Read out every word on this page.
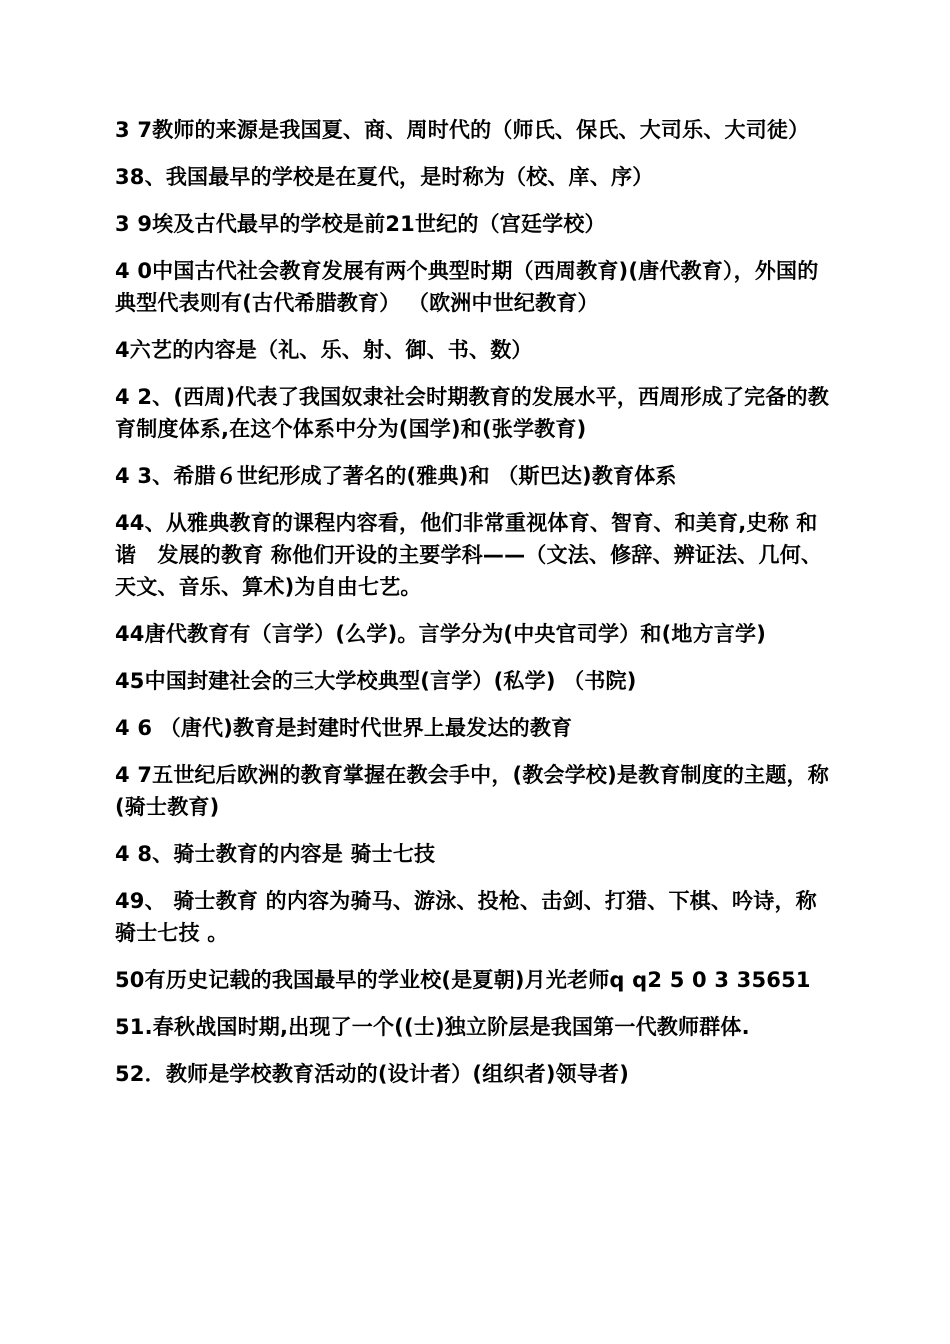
3 7教师的来源是我国夏、商、周时代的（师氏、保氏、大司乐、大司徒）

38、我国最早的学校是在夏代，是时称为（校、庠、序）

3 9埃及古代最早的学校是前21世纪的（宫廷学校）

4 0中国古代社会教育发展有两个典型时期（西周教育)(唐代教育），外国的典型代表则有(古代希腊教育） （欧洲中世纪教育）

4六艺的内容是（礼、乐、射、御、书、数）

4 2、(西周)代表了我国奴隶社会时期教育的发展水平，西周形成了完备的教育制度体系,在这个体系中分为(国学)和(张学教育)

4 3、希腊６世纪形成了著名的(雅典)和 （斯巴达)教育体系

44、从雅典教育的课程内容看，他们非常重视体育、智育、和美育,史称 和谐　发展的教育 称他们开设的主要学科——（文法、修辞、辨证法、几何、天文、音乐、算术)为自由七艺。

44唐代教育有（言学）(么学)。言学分为(中央官司学）和(地方言学)

45中国封建社会的三大学校典型(言学）(私学) （书院)

4 6 （唐代)教育是封建时代世界上最发达的教育

4 7五世纪后欧洲的教育掌握在教会手中，(教会学校)是教育制度的主题，称(骑士教育)

4 8、骑士教育的内容是 骑士七技

49、 骑士教育 的内容为骑马、游泳、投枪、击剑、打猎、下棋、吟诗，称 骑士七技 。

50有历史记载的我国最早的学业校(是夏朝)月光老师q q2 5 0 3 35651

51.春秋战国时期,出现了一个((士)独立阶层是我国第一代教师群体.

52．教师是学校教育活动的(设计者）(组织者)领导者)
